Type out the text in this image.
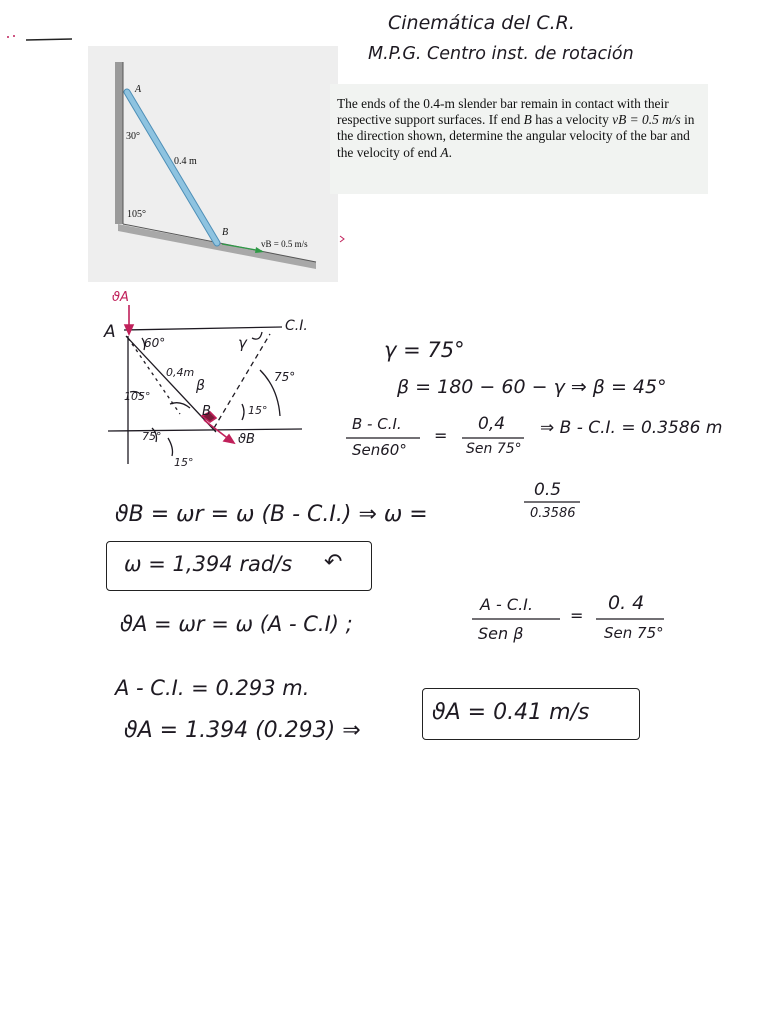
Cinemática del C.R.
M.P.G. Centro inst. de rotación
A
30°
0.4 m
105°
B
vB = 0.5 m/s

The ends of the 0.4-m slender bar remain in contact with their respective support surfaces. If end B has a velocity vB = 0.5 m/s in the direction shown, determine the angular velocity of the bar and the velocity of end A.

ϑA
A	C.I.
60°	γ
0,4m
β
75°
105°
B	15°
75°	ϑB
15°
γ = 75°
β = 180 − 60 − γ ⇒ β = 45°
B - C.I.
Sen60°
=
0,4
Sen 75°
⇒ B - C.I. = 0.3586 m
ϑB = ωr = ω (B - C.I.) ⇒ ω =
0.5
0.3586
ω = 1,394 rad/s ↶
ϑA = ωr = ω (A - C.I) ;
A - C.I.
Sen β
=
0. 4
Sen 75°
A - C.I. = 0.293 m.
ϑA = 1.394 (0.293) ⇒
ϑA = 0.41 m/s
